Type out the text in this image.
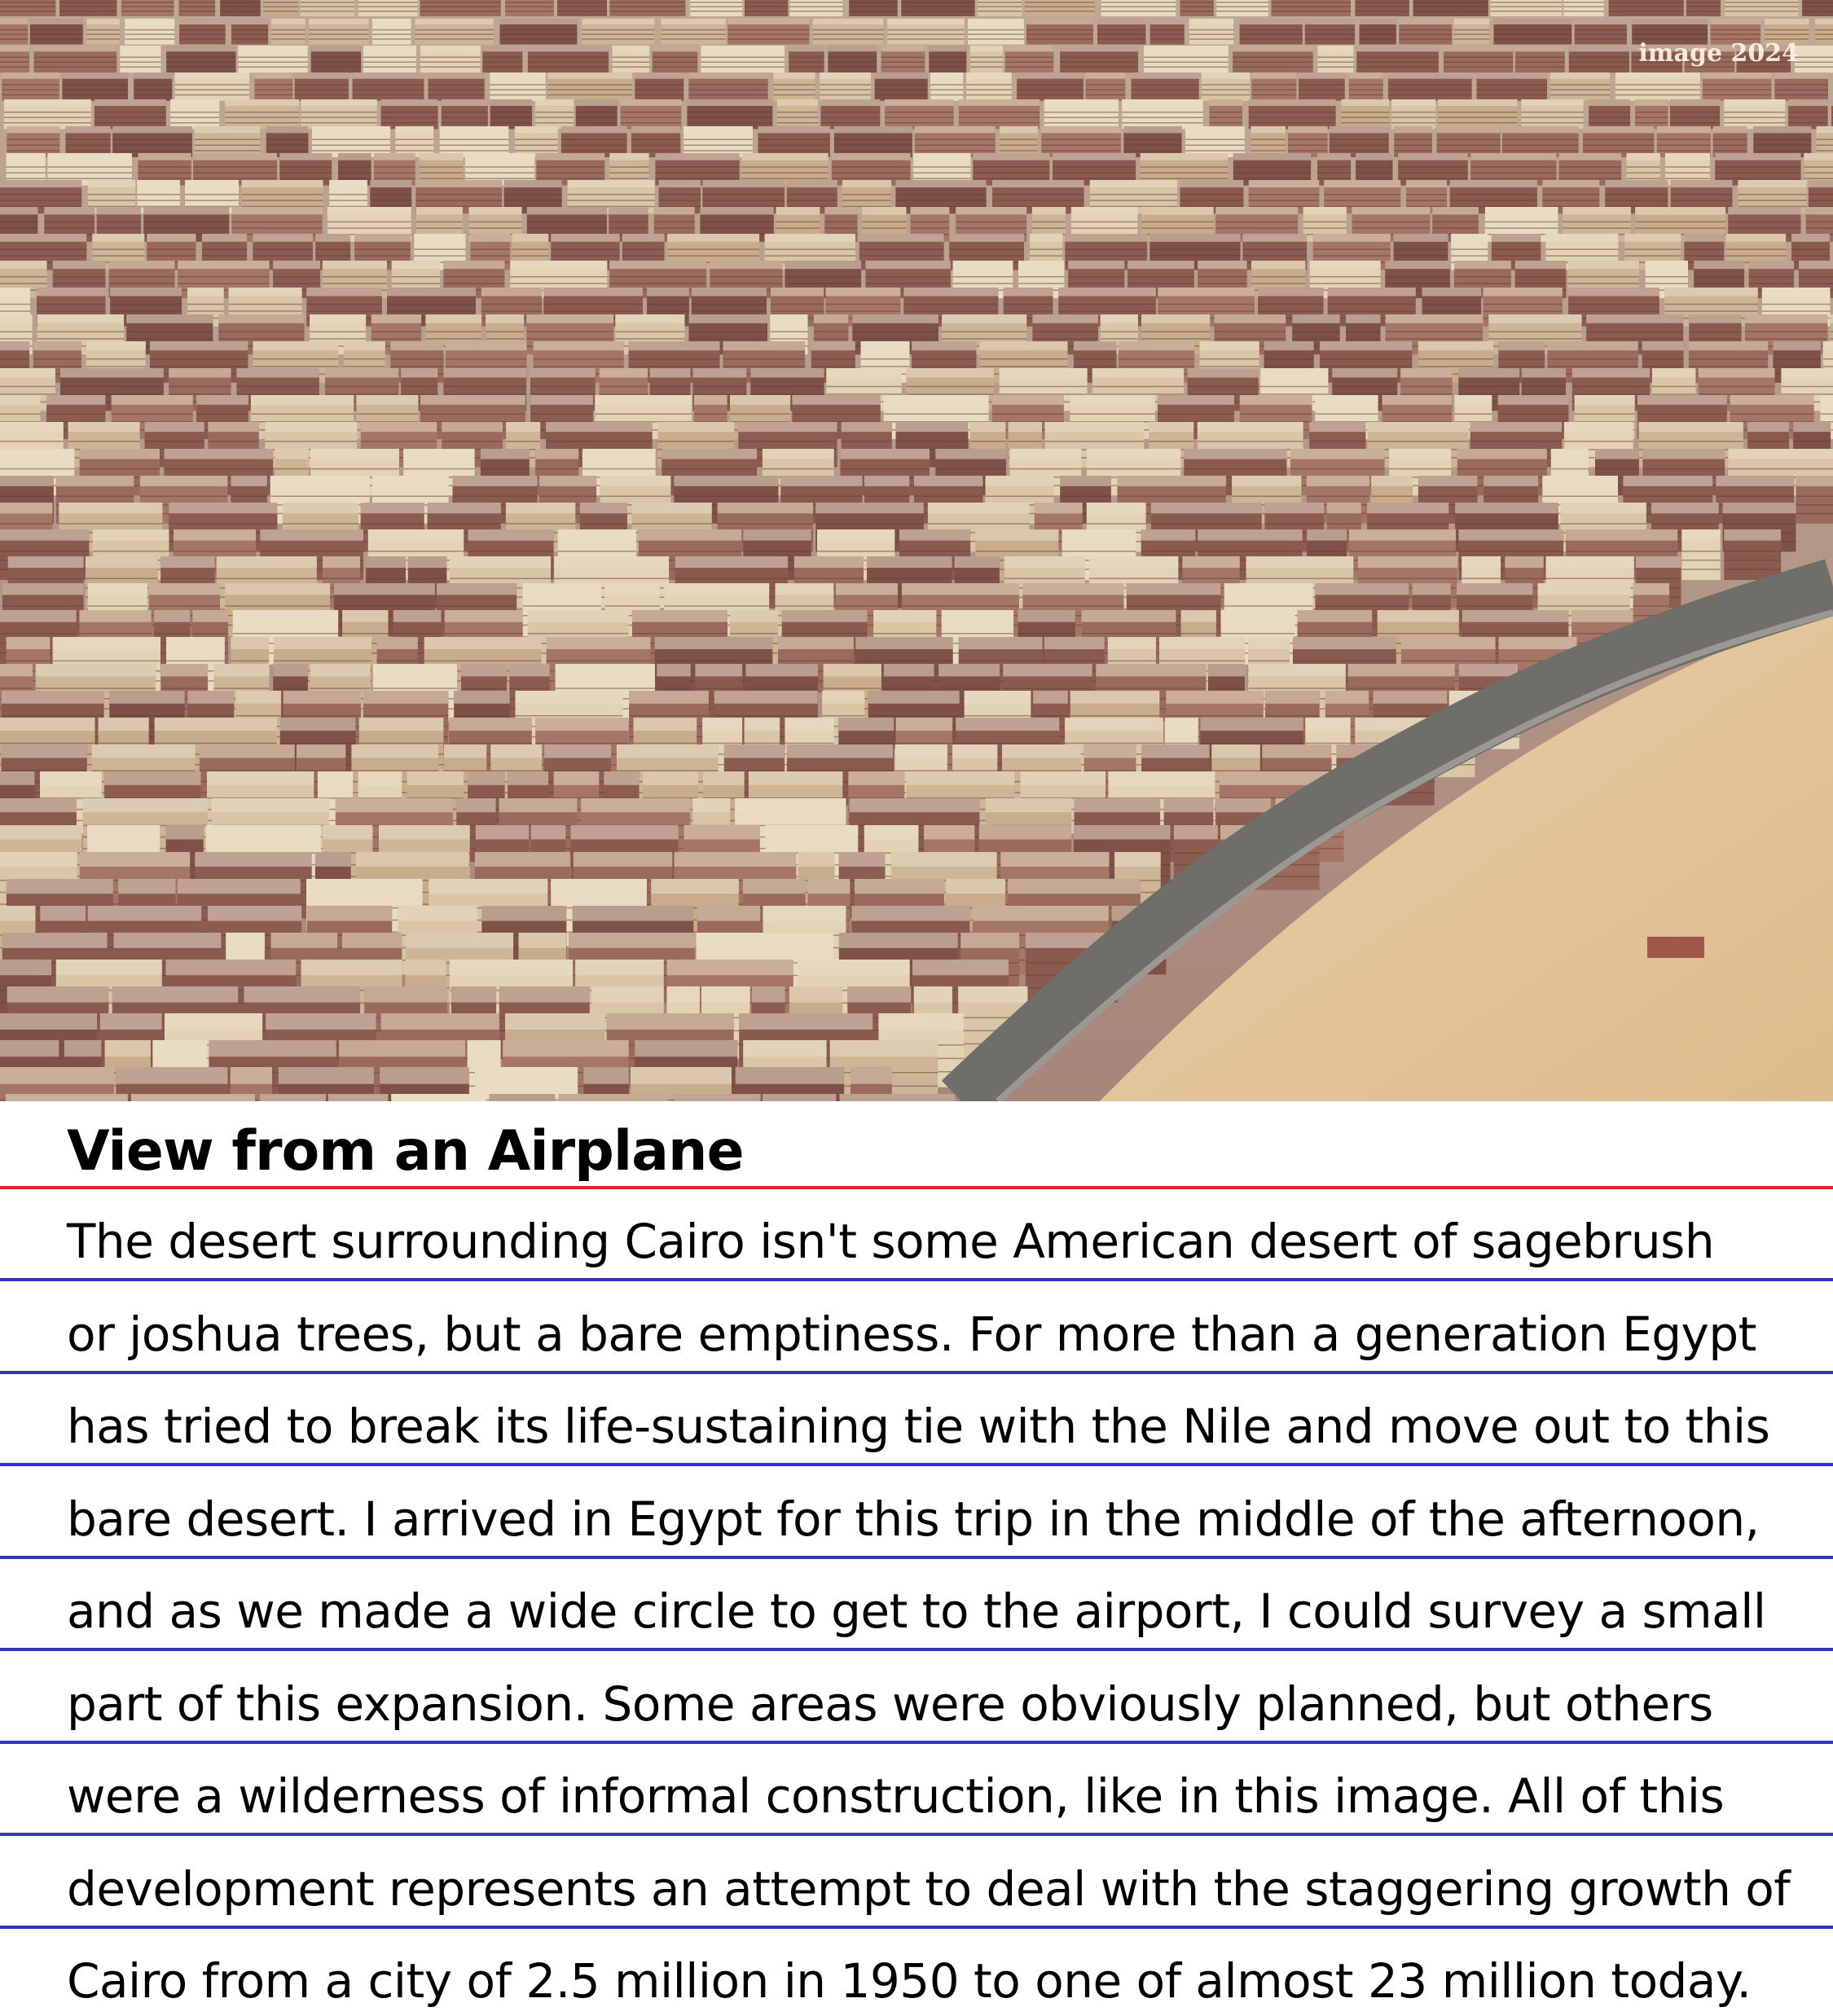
image 2024
View from an Airplane
The desert surrounding Cairo isn't some American desert of sagebrush
or joshua trees, but a bare emptiness. For more than a generation Egypt
has tried to break its life-sustaining tie with the Nile and move out to this
bare desert. I arrived in Egypt for this trip in the middle of the afternoon,
and as we made a wide circle to get to the airport, I could survey a small
part of this expansion. Some areas were obviously planned, but others
were a wilderness of informal construction, like in this image. All of this
development represents an attempt to deal with the staggering growth of
Cairo from a city of 2.5 million in 1950 to one of almost 23 million today.
